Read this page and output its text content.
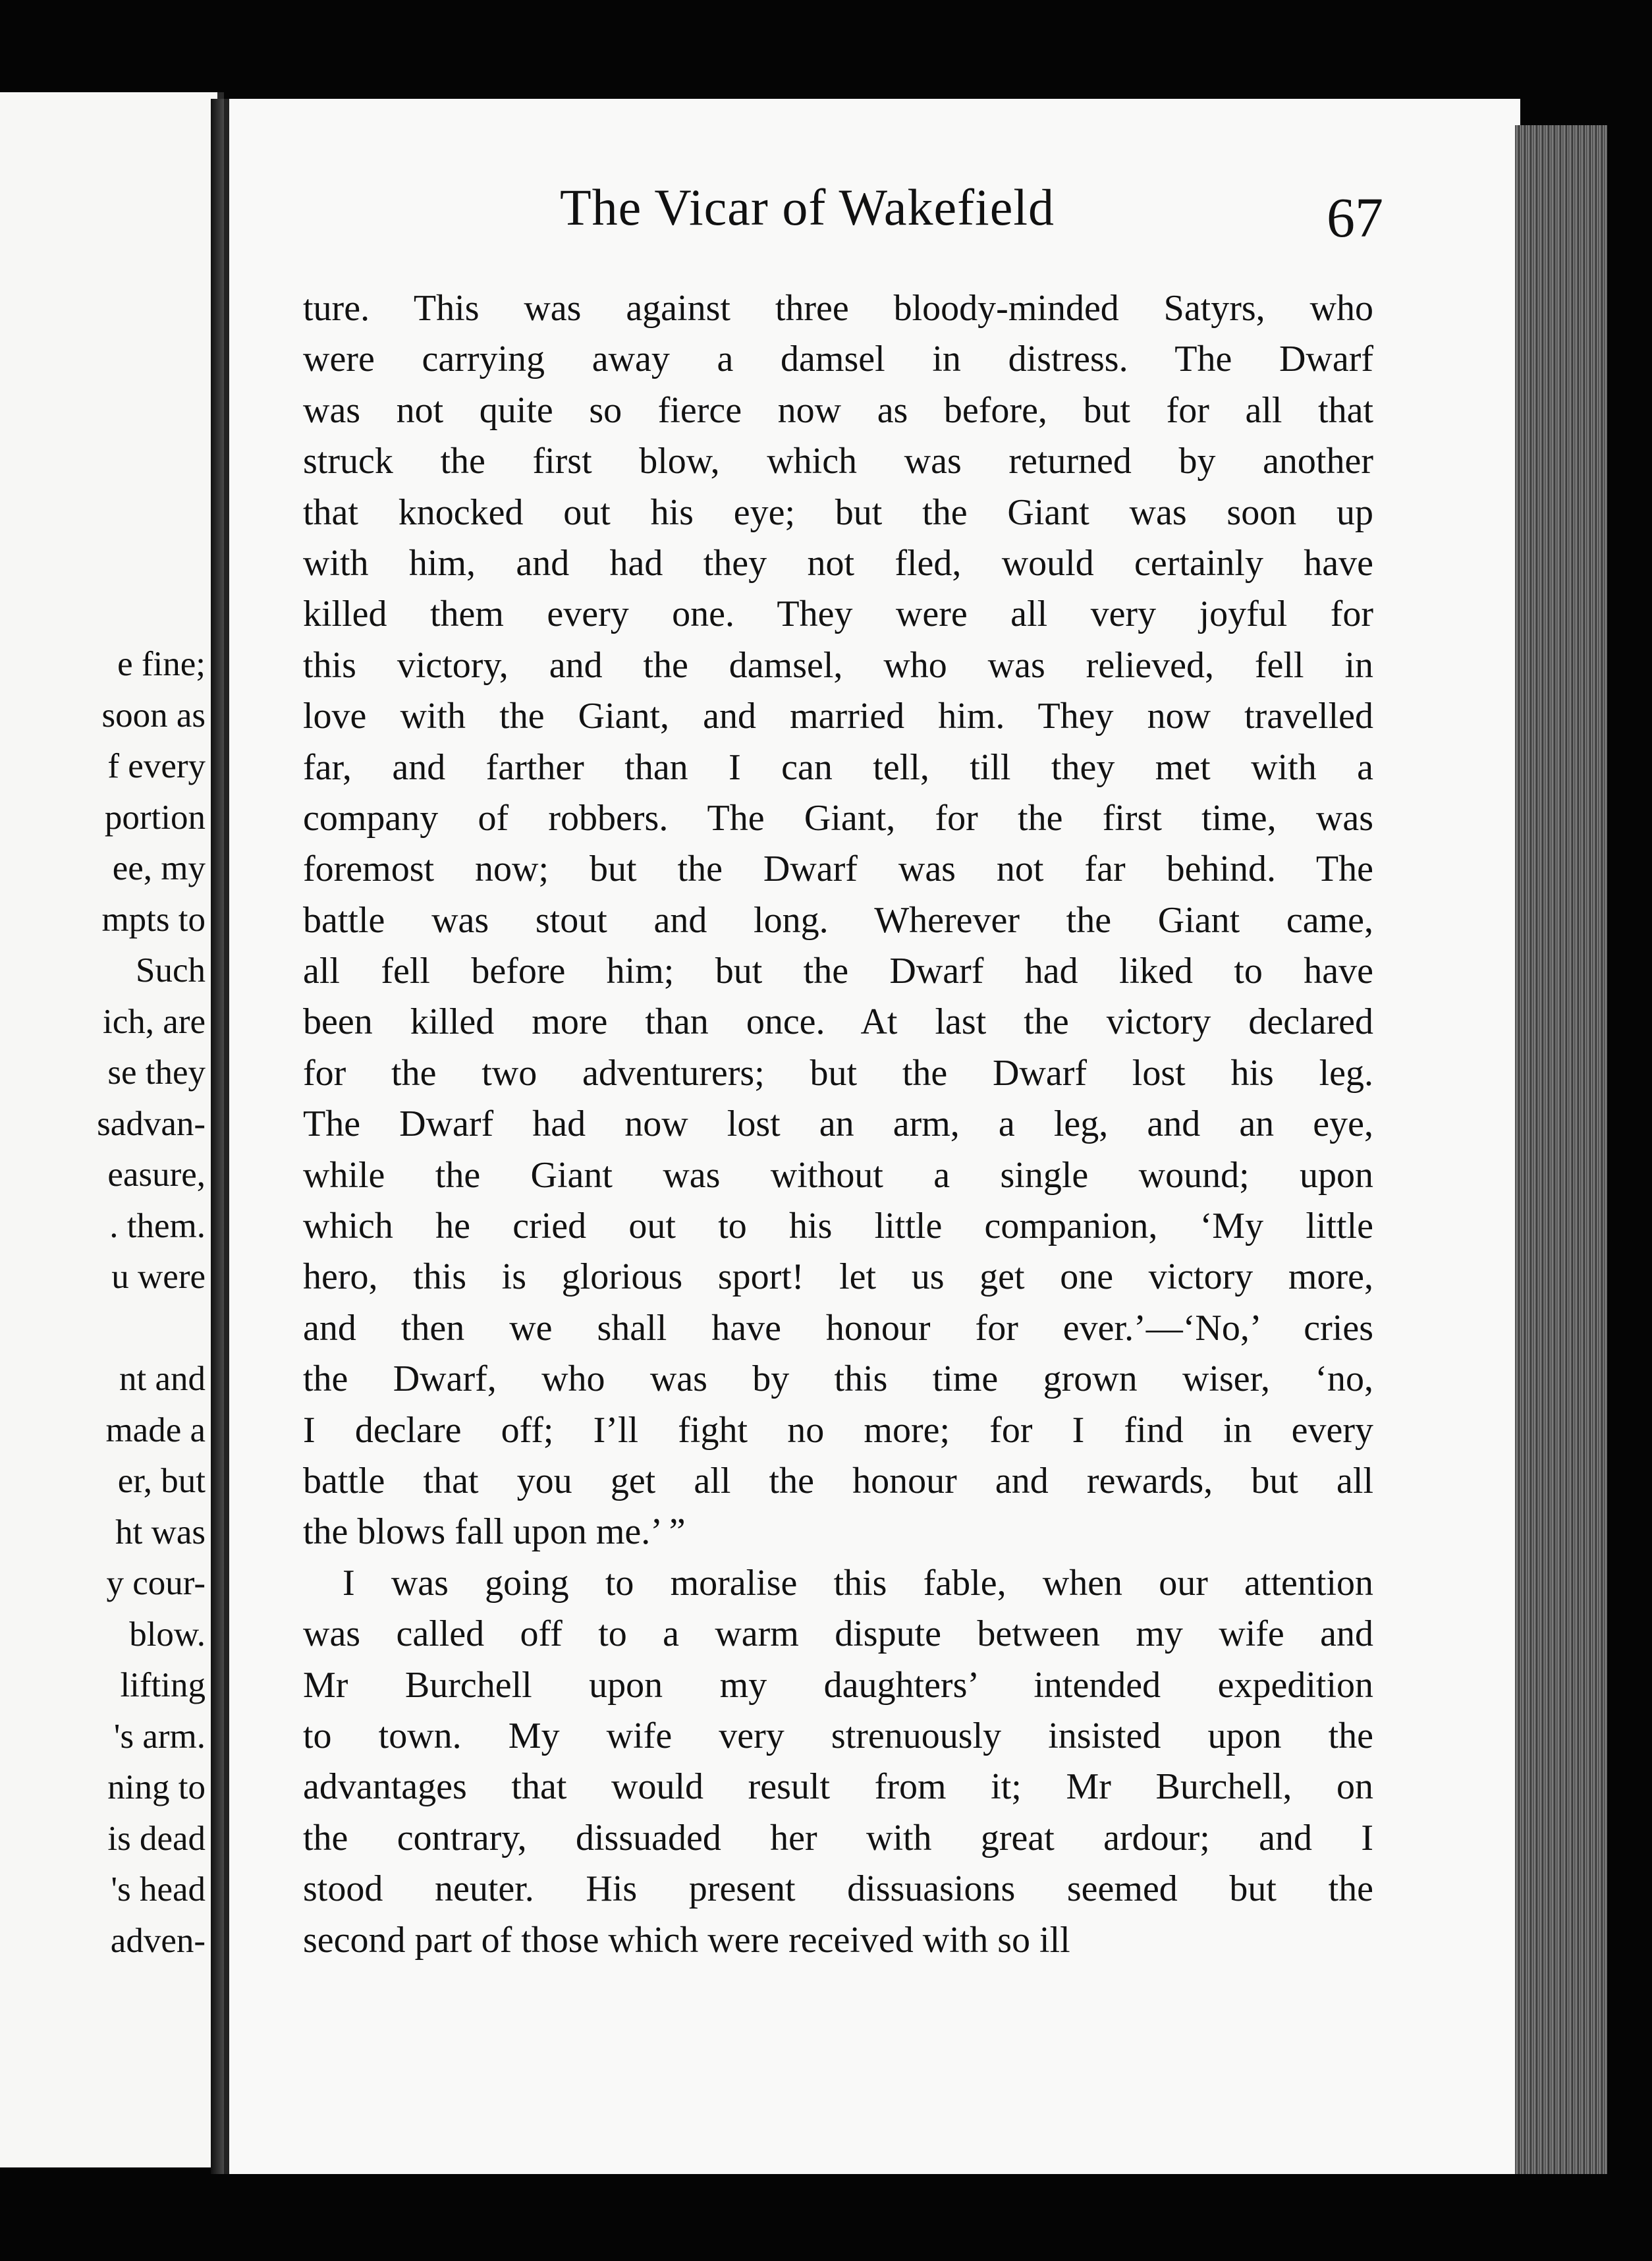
e fine;
soon as
f every
portion
ee, my
mpts to
Such
ich, are
se they
sadvan-
easure,
. them.
u were

nt and
made a
er, but
ht was
y cour-
blow.
lifting
's arm.
ning to
is dead
's head
adven-
The Vicar of Wakefield	67
ture. This was against three bloody-minded Satyrs, who
were carrying away a damsel in distress. The Dwarf
was not quite so fierce now as before, but for all that
struck the first blow, which was returned by another
that knocked out his eye; but the Giant was soon up
with him, and had they not fled, would certainly have
killed them every one. They were all very joyful for
this victory, and the damsel, who was relieved, fell in
love with the Giant, and married him. They now travelled
far, and farther than I can tell, till they met with a
company of robbers. The Giant, for the first time, was
foremost now; but the Dwarf was not far behind. The
battle was stout and long. Wherever the Giant came,
all fell before him; but the Dwarf had liked to have
been killed more than once. At last the victory declared
for the two adventurers; but the Dwarf lost his leg.
The Dwarf had now lost an arm, a leg, and an eye,
while the Giant was without a single wound; upon
which he cried out to his little companion, ‘My little
hero, this is glorious sport! let us get one victory more,
and then we shall have honour for ever.’—‘No,’ cries
the Dwarf, who was by this time grown wiser, ‘no,
I declare off; I’ll fight no more; for I find in every
battle that you get all the honour and rewards, but all
the blows fall upon me.’ ”
I was going to moralise this fable, when our attention
was called off to a warm dispute between my wife and
Mr Burchell upon my daughters’ intended expedition
to town. My wife very strenuously insisted upon the
advantages that would result from it; Mr Burchell, on
the contrary, dissuaded her with great ardour; and I
stood neuter. His present dissuasions seemed but the
second part of those which were received with so ill
